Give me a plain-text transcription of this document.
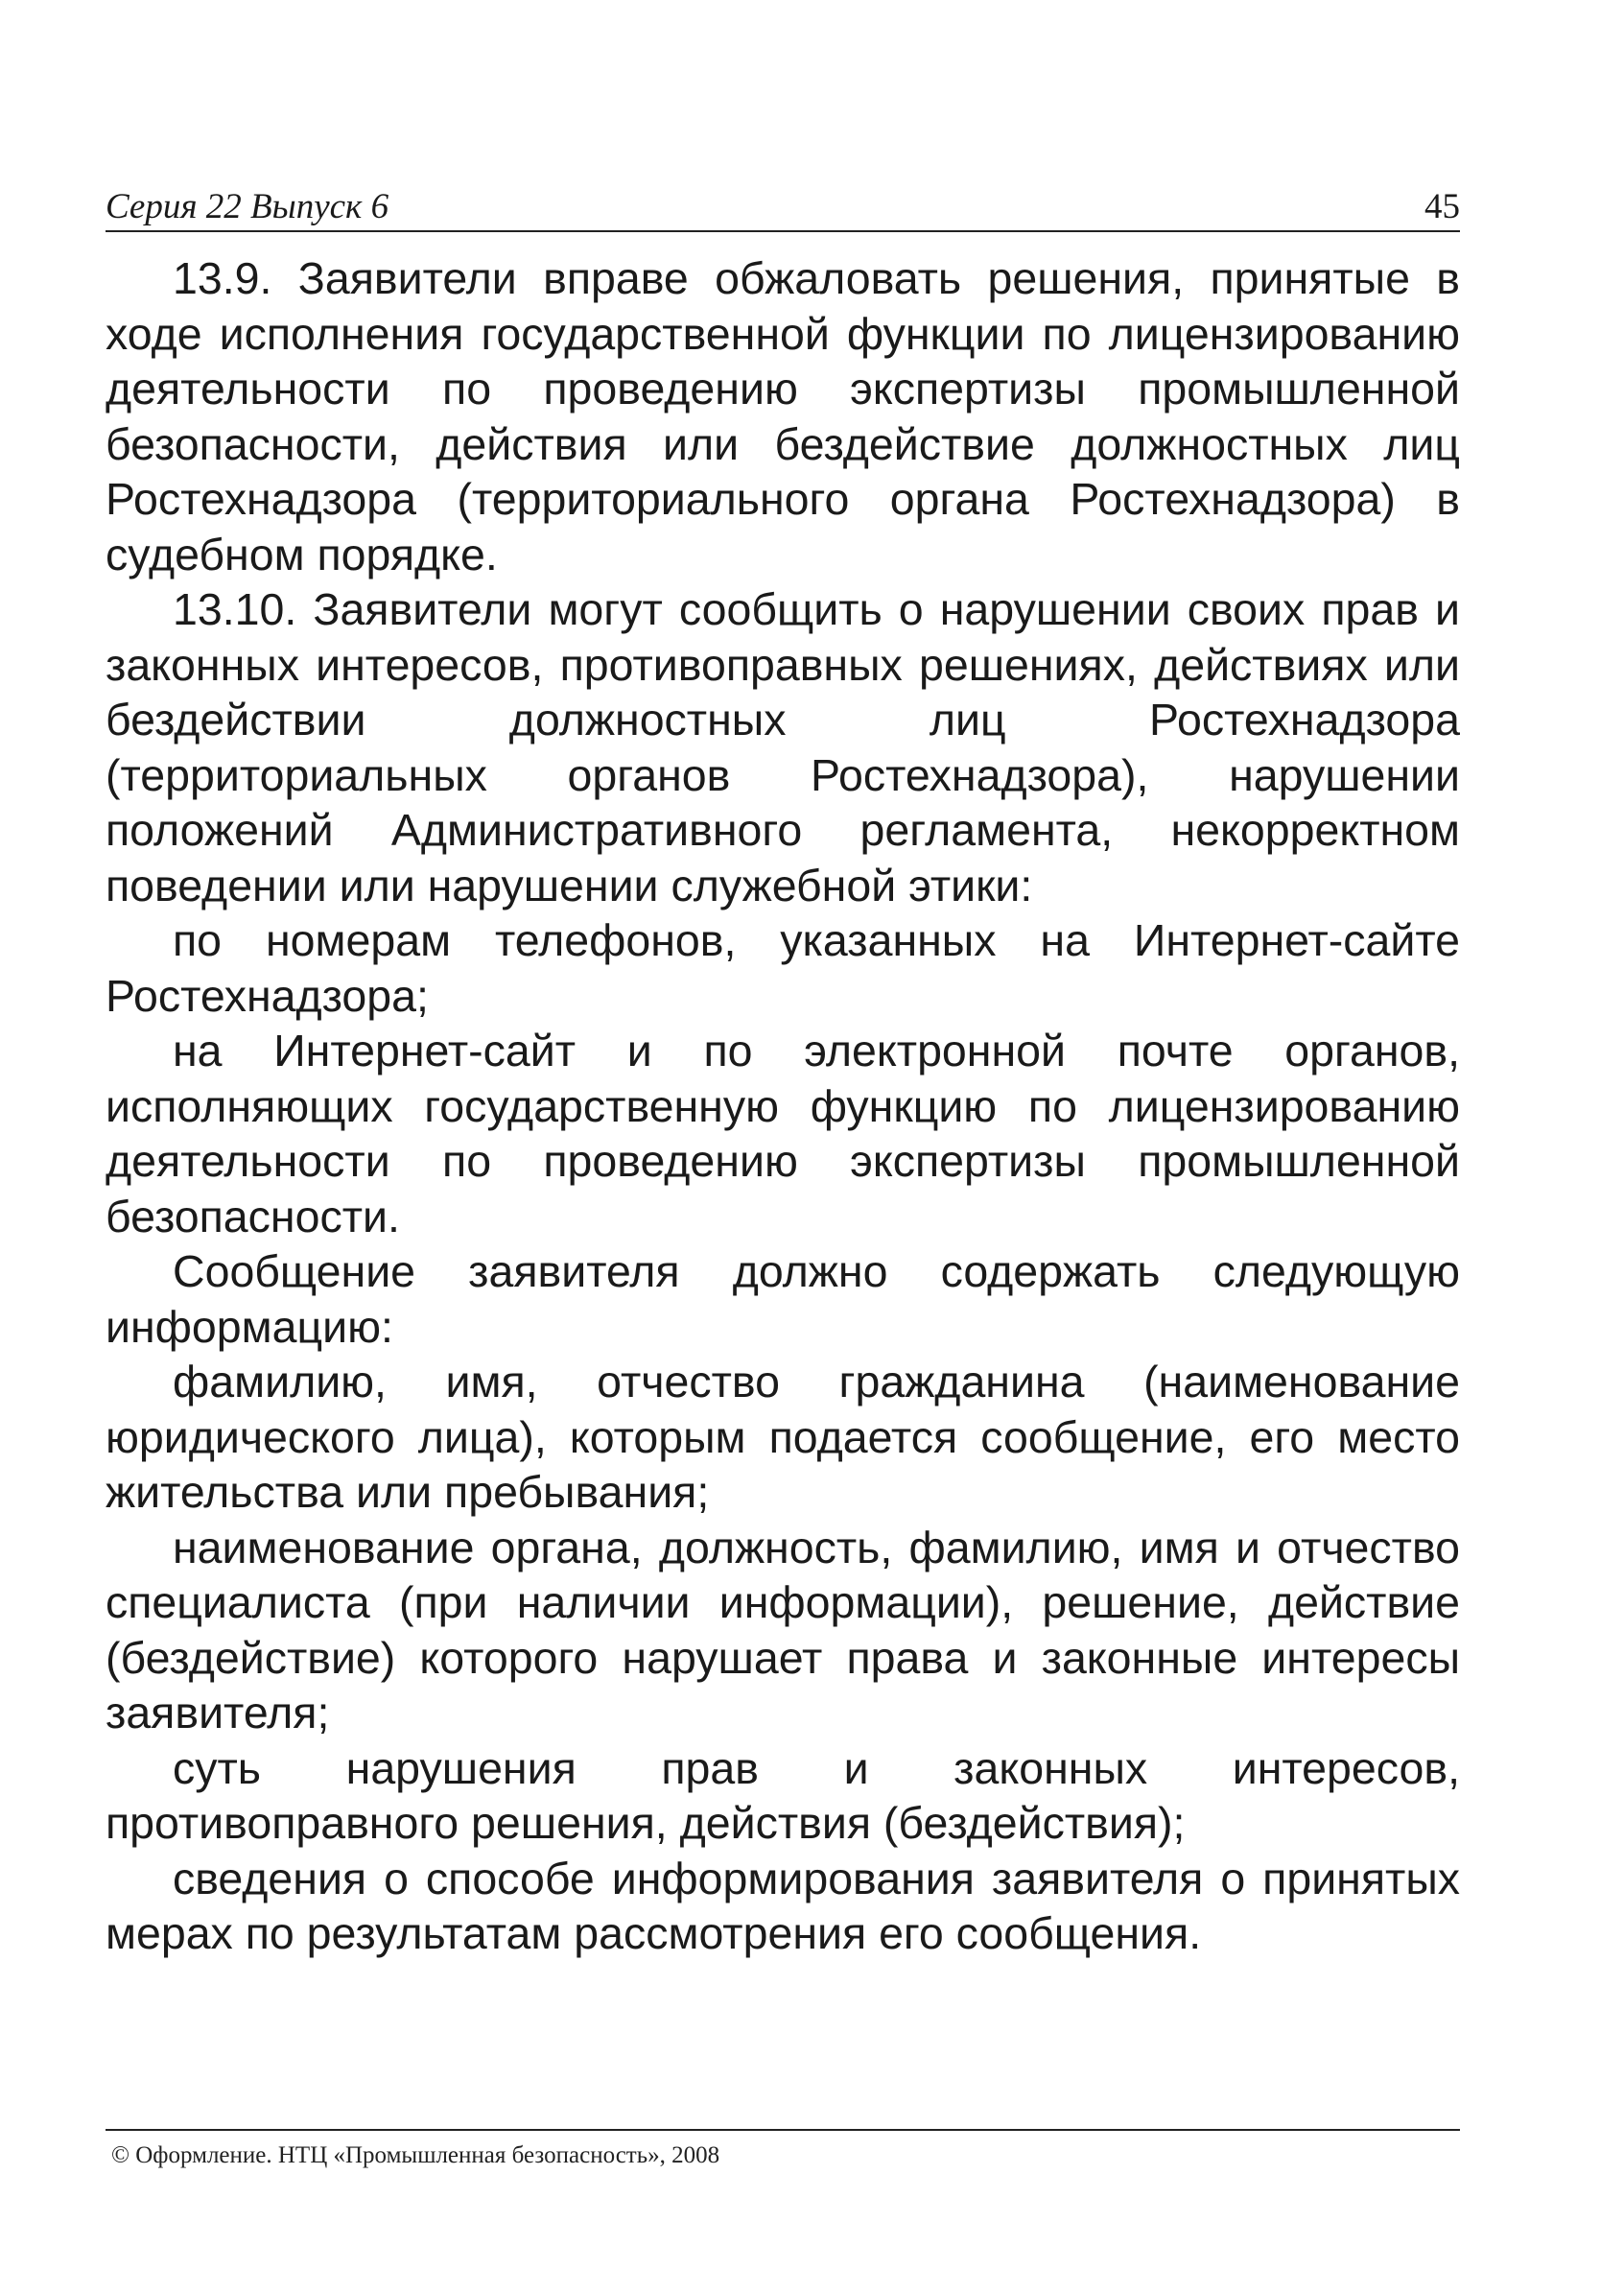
Серия 22 Выпуск 6	45

13.9. Заявители вправе обжаловать решения, принятые в ходе исполнения государственной функции по лицензированию деятельности по проведению экспертизы промышленной безопасности, действия или бездействие должностных лиц Ростехнадзора (территориального органа Ростехнадзора) в судебном порядке.

13.10. Заявители могут сообщить о нарушении своих прав и законных интересов, противоправных решениях, действиях или бездействии должностных лиц Ростехнадзора (территориальных органов Ростехнадзора), нарушении положений Административного регламента, некорректном поведении или нарушении служебной этики:

по номерам телефонов, указанных на Интернет-сайте Ростехнадзора;

на Интернет-сайт и по электронной почте органов, исполняющих государственную функцию по лицензированию деятельности по проведению экспертизы промышленной безопасности.

Сообщение заявителя должно содержать следующую информацию:

фамилию, имя, отчество гражданина (наименование юридического лица), которым подается сообщение, его место жительства или пребывания;

наименование органа, должность, фамилию, имя и отчество специалиста (при наличии информации), решение, действие (бездействие) которого нарушает права и законные интересы заявителя;

суть нарушения прав и законных интересов, противоправного решения, действия (бездействия);

сведения о способе информирования заявителя о принятых мерах по результатам рассмотрения его сообщения.

© Оформление. НТЦ «Промышленная безопасность», 2008
